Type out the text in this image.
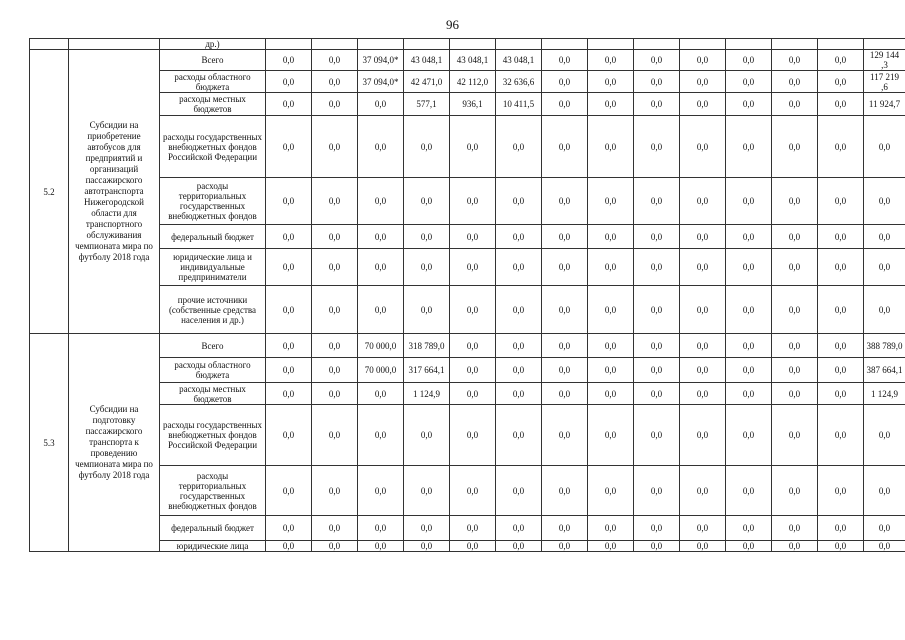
96
		др.)														
5.2	Субсидии на приобретение автобусов для предприятий и организаций пассажирского автотранспорта Нижегородской области для транспортного обслуживания чемпионата мира по футболу 2018 года	Всего	0,0	0,0	37 094,0*	43 048,1	43 048,1	43 048,1	0,0	0,0	0,0	0,0	0,0	0,0	0,0	129 144 ,3
		расходы областного бюджета	0,0	0,0	37 094,0*	42 471,0	42 112,0	32 636,6	0,0	0,0	0,0	0,0	0,0	0,0	0,0	117 219 ,6
		расходы местных бюджетов	0,0	0,0	0,0	577,1	936,1	10 411,5	0,0	0,0	0,0	0,0	0,0	0,0	0,0	11 924,7
		расходы государственных внебюджетных фондов Российской Федерации	0,0	0,0	0,0	0,0	0,0	0,0	0,0	0,0	0,0	0,0	0,0	0,0	0,0	0,0
		расходы территориальных государственных внебюджетных фондов	0,0	0,0	0,0	0,0	0,0	0,0	0,0	0,0	0,0	0,0	0,0	0,0	0,0	0,0
		федеральный бюджет	0,0	0,0	0,0	0,0	0,0	0,0	0,0	0,0	0,0	0,0	0,0	0,0	0,0	0,0
		юридические лица и индивидуальные предприниматели	0,0	0,0	0,0	0,0	0,0	0,0	0,0	0,0	0,0	0,0	0,0	0,0	0,0	0,0
		прочие источники (собственные средства населения и др.)	0,0	0,0	0,0	0,0	0,0	0,0	0,0	0,0	0,0	0,0	0,0	0,0	0,0	0,0
5.3	Субсидии на подготовку пассажирского транспорта к проведению чемпионата мира по футболу 2018 года	Всего	0,0	0,0	70 000,0	318 789,0	0,0	0,0	0,0	0,0	0,0	0,0	0,0	0,0	0,0	388 789,0
		расходы областного бюджета	0,0	0,0	70 000,0	317 664,1	0,0	0,0	0,0	0,0	0,0	0,0	0,0	0,0	0,0	387 664,1
		расходы местных бюджетов	0,0	0,0	0,0	1 124,9	0,0	0,0	0,0	0,0	0,0	0,0	0,0	0,0	0,0	1 124,9
		расходы государственных внебюджетных фондов Российской Федерации	0,0	0,0	0,0	0,0	0,0	0,0	0,0	0,0	0,0	0,0	0,0	0,0	0,0	0,0
		расходы территориальных государственных внебюджетных фондов	0,0	0,0	0,0	0,0	0,0	0,0	0,0	0,0	0,0	0,0	0,0	0,0	0,0	0,0
		федеральный бюджет	0,0	0,0	0,0	0,0	0,0	0,0	0,0	0,0	0,0	0,0	0,0	0,0	0,0	0,0
		юридические лица	0,0	0,0	0,0	0,0	0,0	0,0	0,0	0,0	0,0	0,0	0,0	0,0	0,0	0,0
